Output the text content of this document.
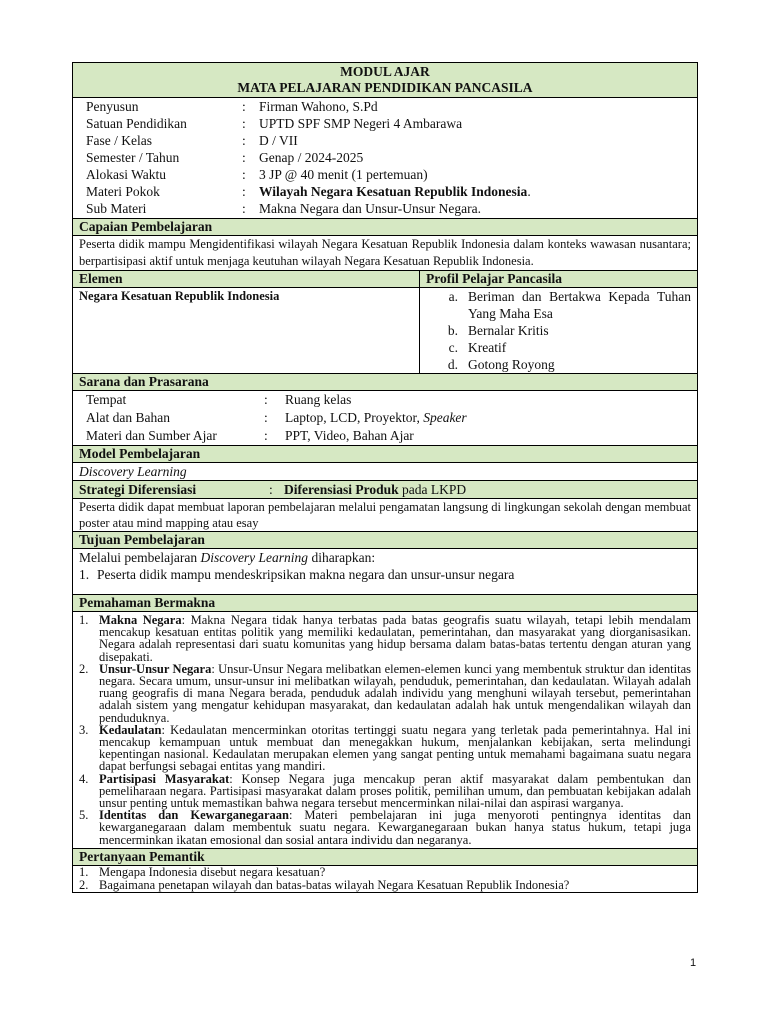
MODUL AJAR
MATA PELAJARAN PENDIDIKAN PANCASILA
Penyusun	: Firman Wahono, S.Pd
Satuan Pendidikan	: UPTD SPF SMP Negeri 4 Ambarawa
Fase / Kelas	: D / VII
Semester / Tahun	: Genap / 2024-2025
Alokasi Waktu	: 3 JP @ 40 menit (1 pertemuan)
Materi Pokok	: Wilayah Negara Kesatuan Republik Indonesia.
Sub Materi	: Makna Negara dan Unsur-Unsur Negara.
Capaian Pembelajaran
Peserta didik mampu Mengidentifikasi wilayah Negara Kesatuan Republik Indonesia dalam konteks wawasan nusantara; berpartisipasi aktif untuk menjaga keutuhan wilayah Negara Kesatuan Republik Indonesia.
Elemen	Profil Pelajar Pancasila
Negara Kesatuan Republik Indonesia	a. Beriman dan Bertakwa Kepada Tuhan Yang Maha Esa
b. Bernalar Kritis
c. Kreatif
d. Gotong Royong
Sarana dan Prasarana
Tempat	:	Ruang kelas
Alat dan Bahan	:	Laptop, LCD, Proyektor, Speaker
Materi dan Sumber Ajar	:	PPT, Video, Bahan Ajar
Model Pembelajaran
Discovery Learning
Strategi Diferensiasi	: Diferensiasi Produk pada LKPD
Peserta didik dapat membuat laporan pembelajaran melalui pengamatan langsung di lingkungan sekolah dengan membuat poster atau mind mapping atau esay
Tujuan Pembelajaran
Melalui pembelajaran Discovery Learning diharapkan:
1. Peserta didik mampu mendeskripsikan makna negara dan unsur-unsur negara
Pemahaman Bermakna
1. Makna Negara: Makna Negara tidak hanya terbatas pada batas geografis suatu wilayah, tetapi lebih mendalam mencakup kesatuan entitas politik yang memiliki kedaulatan, pemerintahan, dan masyarakat yang diorganisasikan. Negara adalah representasi dari suatu komunitas yang hidup bersama dalam batas-batas tertentu dengan aturan yang disepakati.
2. Unsur-Unsur Negara: Unsur-Unsur Negara melibatkan elemen-elemen kunci yang membentuk struktur dan identitas negara. Secara umum, unsur-unsur ini melibatkan wilayah, penduduk, pemerintahan, dan kedaulatan. Wilayah adalah ruang geografis di mana Negara berada, penduduk adalah individu yang menghuni wilayah tersebut, pemerintahan adalah sistem yang mengatur kehidupan masyarakat, dan kedaulatan adalah hak untuk mengendalikan wilayah dan penduduknya.
3. Kedaulatan: Kedaulatan mencerminkan otoritas tertinggi suatu negara yang terletak pada pemerintahnya. Hal ini mencakup kemampuan untuk membuat dan menegakkan hukum, menjalankan kebijakan, serta melindungi kepentingan nasional. Kedaulatan merupakan elemen yang sangat penting untuk memahami bagaimana suatu negara dapat berfungsi sebagai entitas yang mandiri.
4. Partisipasi Masyarakat: Konsep Negara juga mencakup peran aktif masyarakat dalam pembentukan dan pemeliharaan negara. Partisipasi masyarakat dalam proses politik, pemilihan umum, dan pembuatan kebijakan adalah unsur penting untuk memastikan bahwa negara tersebut mencerminkan nilai-nilai dan aspirasi warganya.
5. Identitas dan Kewarganegaraan: Materi pembelajaran ini juga menyoroti pentingnya identitas dan kewarganegaraan dalam membentuk suatu negara. Kewarganegaraan bukan hanya status hukum, tetapi juga mencerminkan ikatan emosional dan sosial antara individu dan negaranya.
Pertanyaan Pemantik
1. Mengapa Indonesia disebut negara kesatuan?
2. Bagaimana penetapan wilayah dan batas-batas wilayah Negara Kesatuan Republik Indonesia?
1
